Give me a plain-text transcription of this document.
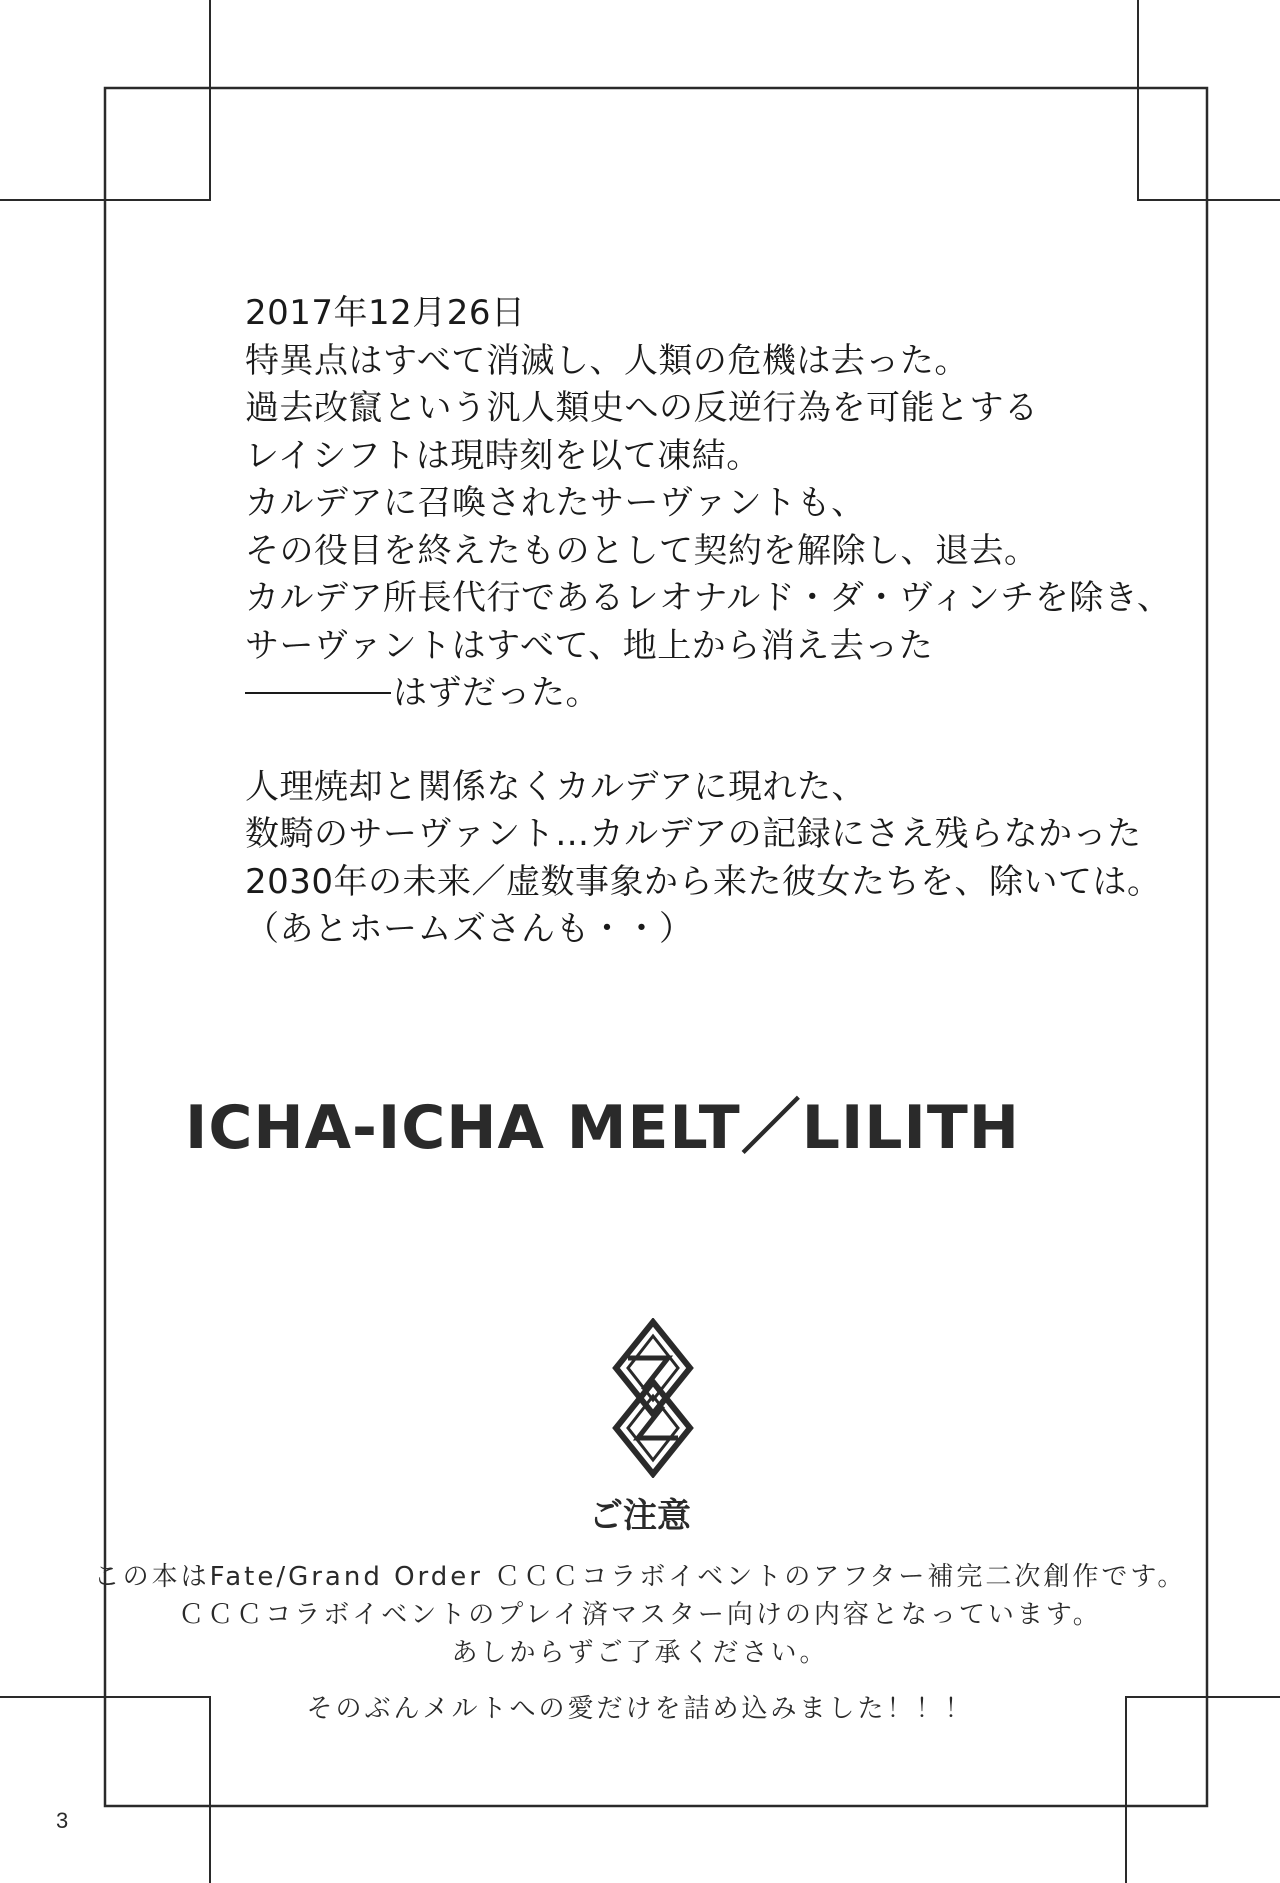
2017年12月26日
特異点はすべて消滅し、人類の危機は去った。
過去改竄という汎人類史への反逆行為を可能とする
レイシフトは現時刻を以て凍結。
カルデアに召喚されたサーヴァントも、
その役目を終えたものとして契約を解除し、退去。
カルデア所長代行であるレオナルド・ダ・ヴィンチを除き、
サーヴァントはすべて、地上から消え去った
はずだった。
人理焼却と関係なくカルデアに現れた、
数騎のサーヴァント…カルデアの記録にさえ残らなかった
2030年の未来／虚数事象から来た彼女たちを、除いては。
（あとホームズさんも・・）
ICHA-ICHA MELT／LILITH
ご注意
この本はFate/Grand Order ＣＣＣコラボイベントのアフター補完二次創作です。
ＣＣＣコラボイベントのプレイ済マスター向けの内容となっています。
あしからずご了承ください。
そのぶんメルトへの愛だけを詰め込みました！！！
3
